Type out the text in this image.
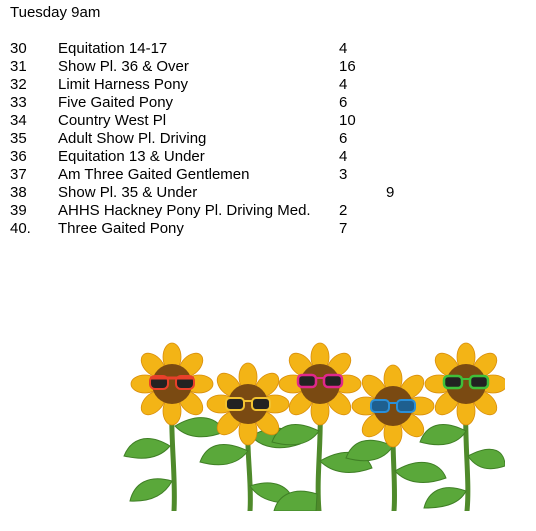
Tuesday 9am
30 Equitation 14-17	4
31 Show Pl. 36 & Over	16
32 Limit Harness Pony	4
33 Five Gaited Pony	6
34 Country West Pl	10
35 Adult Show Pl. Driving	6
36 Equitation 13 & Under	4
37 Am Three Gaited Gentlemen	3
38 Show Pl. 35 & Under	9
39 AHHS Hackney Pony Pl. Driving Med. 2
40. Three Gaited Pony	7
